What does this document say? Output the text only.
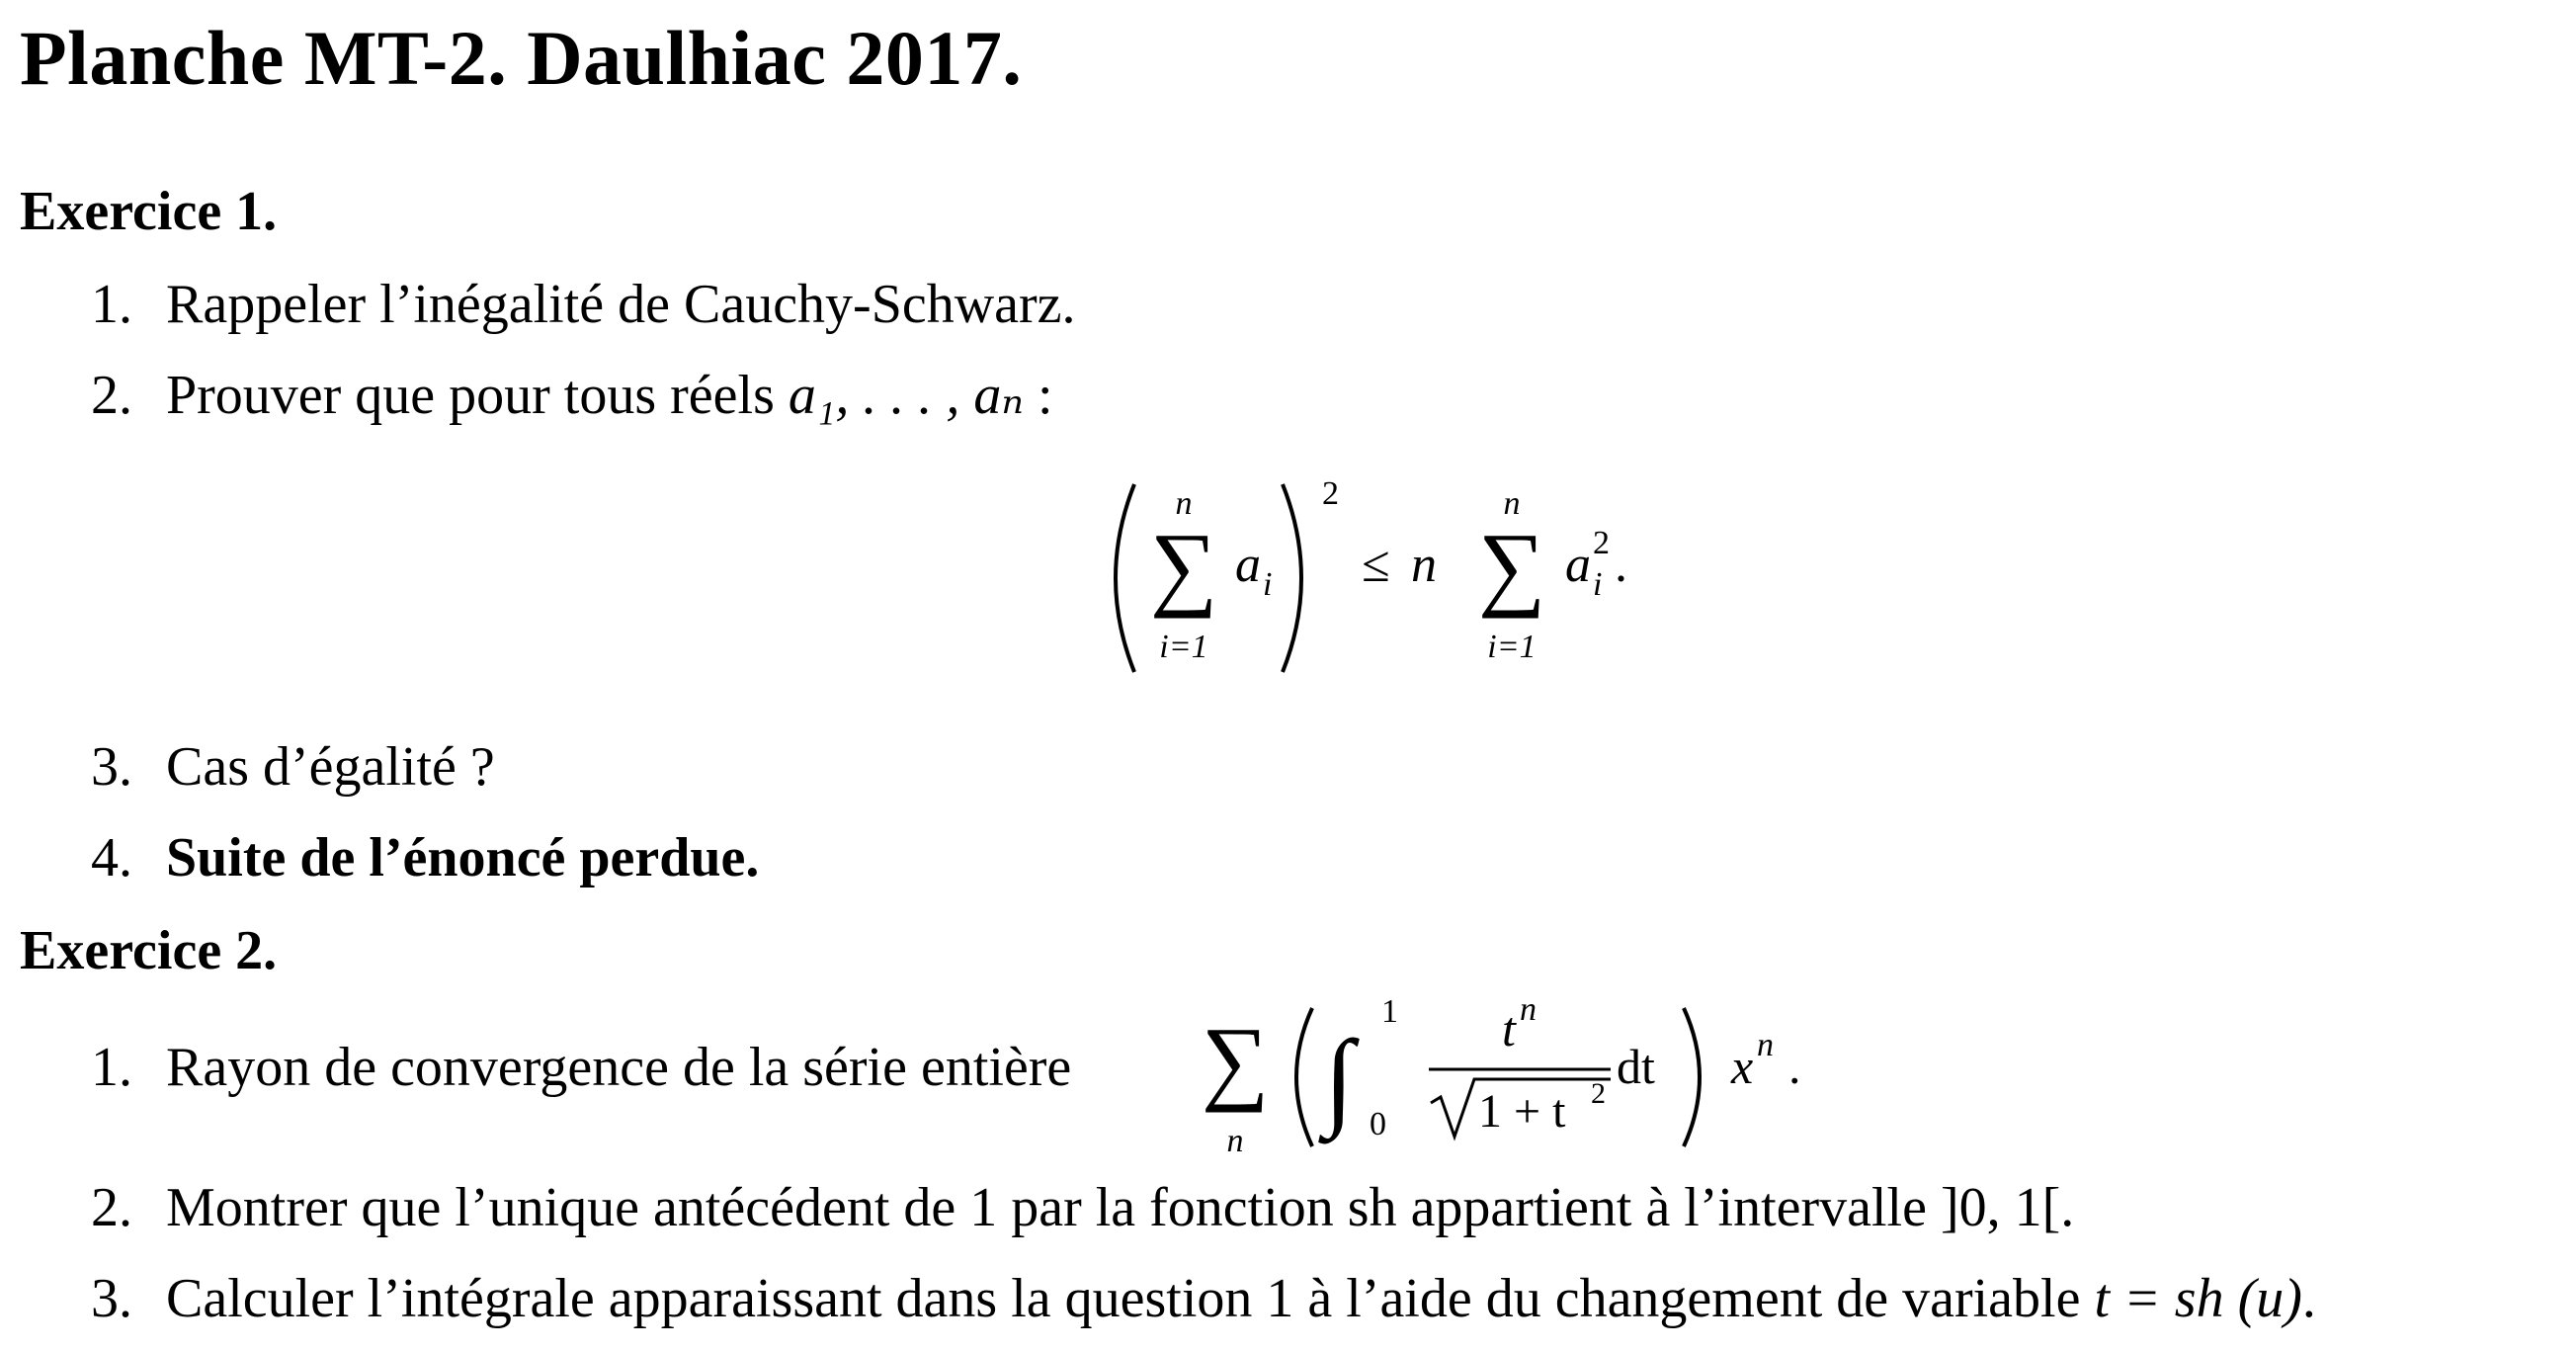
Planche MT-2. Daulhiac 2017.
Exercice 1.
1. Rappeler l’inégalité de Cauchy-Schwarz.
2. Prouver que pour tous réels a₁, . . . , aₙ :
n
∑
i=1
a i
2
≤ n
n
∑
i=1
a 2
i .
3. Cas d’égalité ?
4. Suite de l’énoncé perdue.
Exercice 2.
1. Rayon de convergence de la série entière ∑
n
∫
1
0
t n
1 + t 2 dt x n .
2. Montrer que l’unique antécédent de 1 par la fonction sh appartient à l’intervalle ]0, 1[.
3. Calculer l’intégrale apparaissant dans la question 1 à l’aide du changement de variable t = sh (u).
